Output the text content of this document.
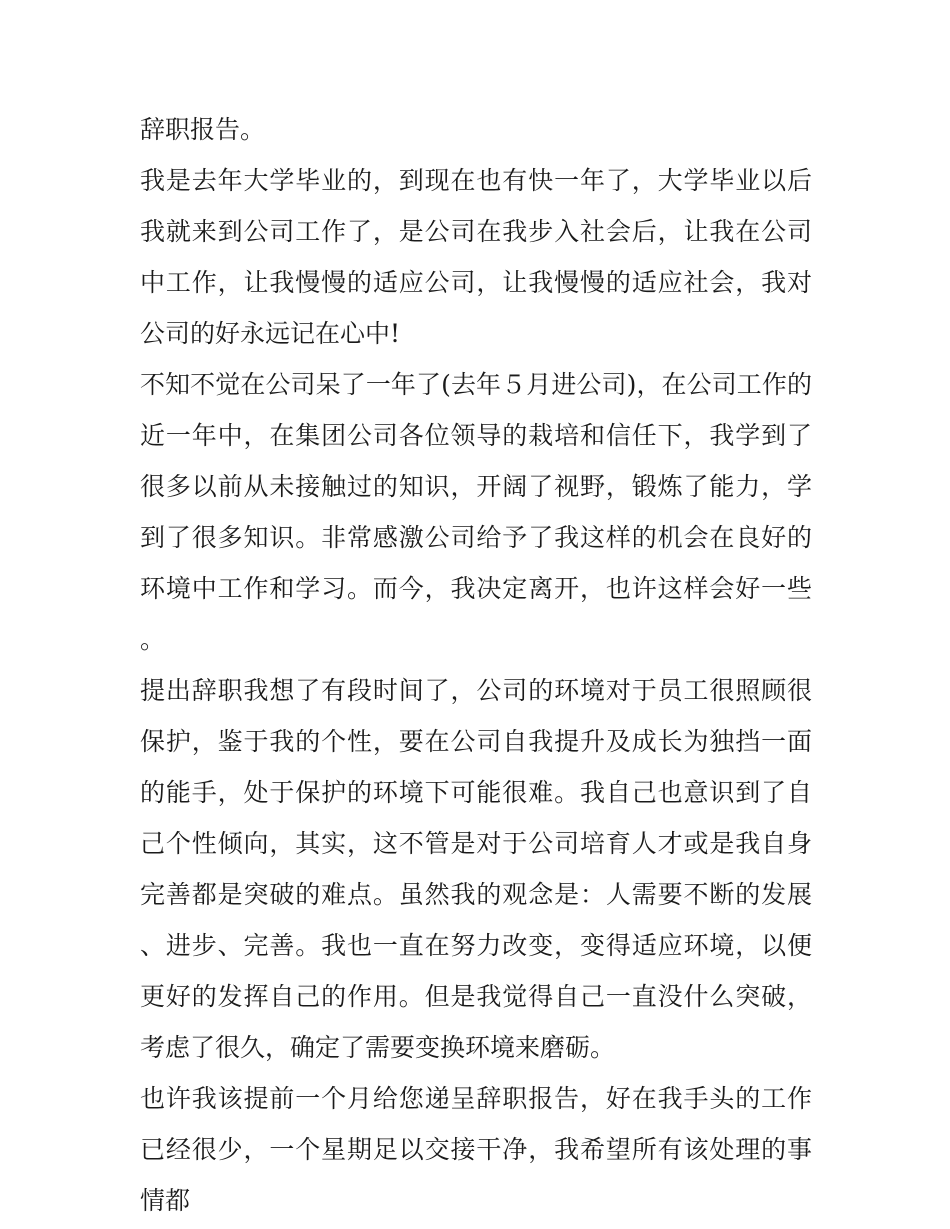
辞职报告。

我是去年大学毕业的，到现在也有快一年了，大学毕业以后我就来到公司工作了，是公司在我步入社会后，让我在公司中工作，让我慢慢的适应公司，让我慢慢的适应社会，我对公司的好永远记在心中!

不知不觉在公司呆了一年了(去年５月进公司)，在公司工作的近一年中，在集团公司各位领导的栽培和信任下，我学到了很多以前从未接触过的知识，开阔了视野，锻炼了能力，学到了很多知识。非常感激公司给予了我这样的机会在良好的环境中工作和学习。而今，我决定离开，也许这样会好一些。

提出辞职我想了有段时间了，公司的环境对于员工很照顾很保护，鉴于我的个性，要在公司自我提升及成长为独挡一面的能手，处于保护的环境下可能很难。我自己也意识到了自己个性倾向，其实，这不管是对于公司培育人才或是我自身完善都是突破的难点。虽然我的观念是：人需要不断的发展、进步、完善。我也一直在努力改变，变得适应环境，以便更好的发挥自己的作用。但是我觉得自己一直没什么突破，考虑了很久，确定了需要变换环境来磨砺。

也许我该提前一个月给您递呈辞职报告，好在我手头的工作已经很少，一个星期足以交接干净，我希望所有该处理的事情都
